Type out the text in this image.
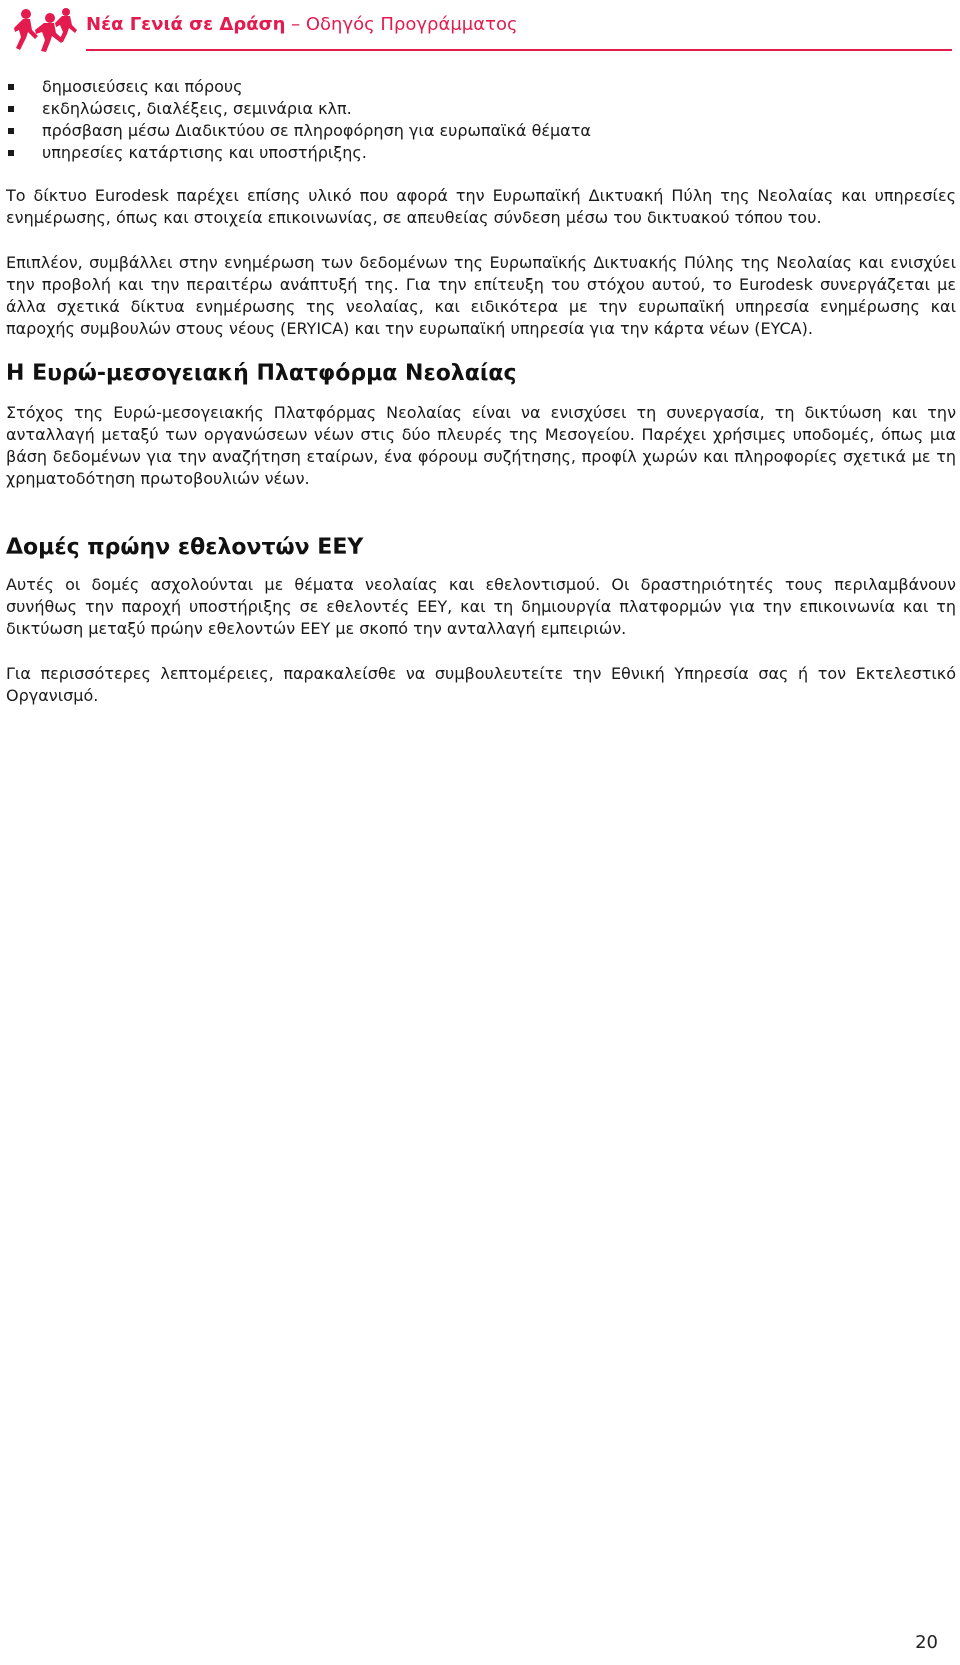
Νέα Γενιά σε Δράση – Οδηγός Προγράμματος
δημοσιεύσεις και πόρους
εκδηλώσεις, διαλέξεις, σεμινάρια κλπ.
πρόσβαση μέσω Διαδικτύου σε πληροφόρηση για ευρωπαϊκά θέματα
υπηρεσίες κατάρτισης και υποστήριξης.

Το δίκτυο Eurodesk παρέχει επίσης υλικό που αφορά την Ευρωπαϊκή Δικτυακή Πύλη της Νεολαίας και υπηρεσίες ενημέρωσης, όπως και στοιχεία επικοινωνίας, σε απευθείας σύνδεση μέσω του δικτυακού τόπου του.

Επιπλέον, συμβάλλει στην ενημέρωση των δεδομένων της Ευρωπαϊκής Δικτυακής Πύλης της Νεολαίας και ενισχύει την προβολή και την περαιτέρω ανάπτυξή της. Για την επίτευξη του στόχου αυτού, το Eurodesk συνεργάζεται με άλλα σχετικά δίκτυα ενημέρωσης της νεολαίας, και ειδικότερα με την ευρωπαϊκή υπηρεσία ενημέρωσης και παροχής συμβουλών στους νέους (ERYICA) και την ευρωπαϊκή υπηρεσία για την κάρτα νέων (EYCA).

Η Ευρώ-μεσογειακή Πλατφόρμα Νεολαίας

Στόχος της Ευρώ-μεσογειακής Πλατφόρμας Νεολαίας είναι να ενισχύσει τη συνεργασία, τη δικτύωση και την ανταλλαγή μεταξύ των οργανώσεων νέων στις δύο πλευρές της Μεσογείου. Παρέχει χρήσιμες υποδομές, όπως μια βάση δεδομένων για την αναζήτηση εταίρων, ένα φόρουμ συζήτησης, προφίλ χωρών και πληροφορίες σχετικά με τη χρηματοδότηση πρωτοβουλιών νέων.

Δομές πρώην εθελοντών ΕΕΥ

Αυτές οι δομές ασχολούνται με θέματα νεολαίας και εθελοντισμού. Οι δραστηριότητές τους περιλαμβάνουν συνήθως την παροχή υποστήριξης σε εθελοντές ΕΕΥ, και τη δημιουργία πλατφορμών για την επικοινωνία και τη δικτύωση μεταξύ πρώην εθελοντών ΕΕΥ με σκοπό την ανταλλαγή εμπειριών.

Για περισσότερες λεπτομέρειες, παρακαλείσθε να συμβουλευτείτε την Εθνική Υπηρεσία σας ή τον Εκτελεστικό Οργανισμό.

20
